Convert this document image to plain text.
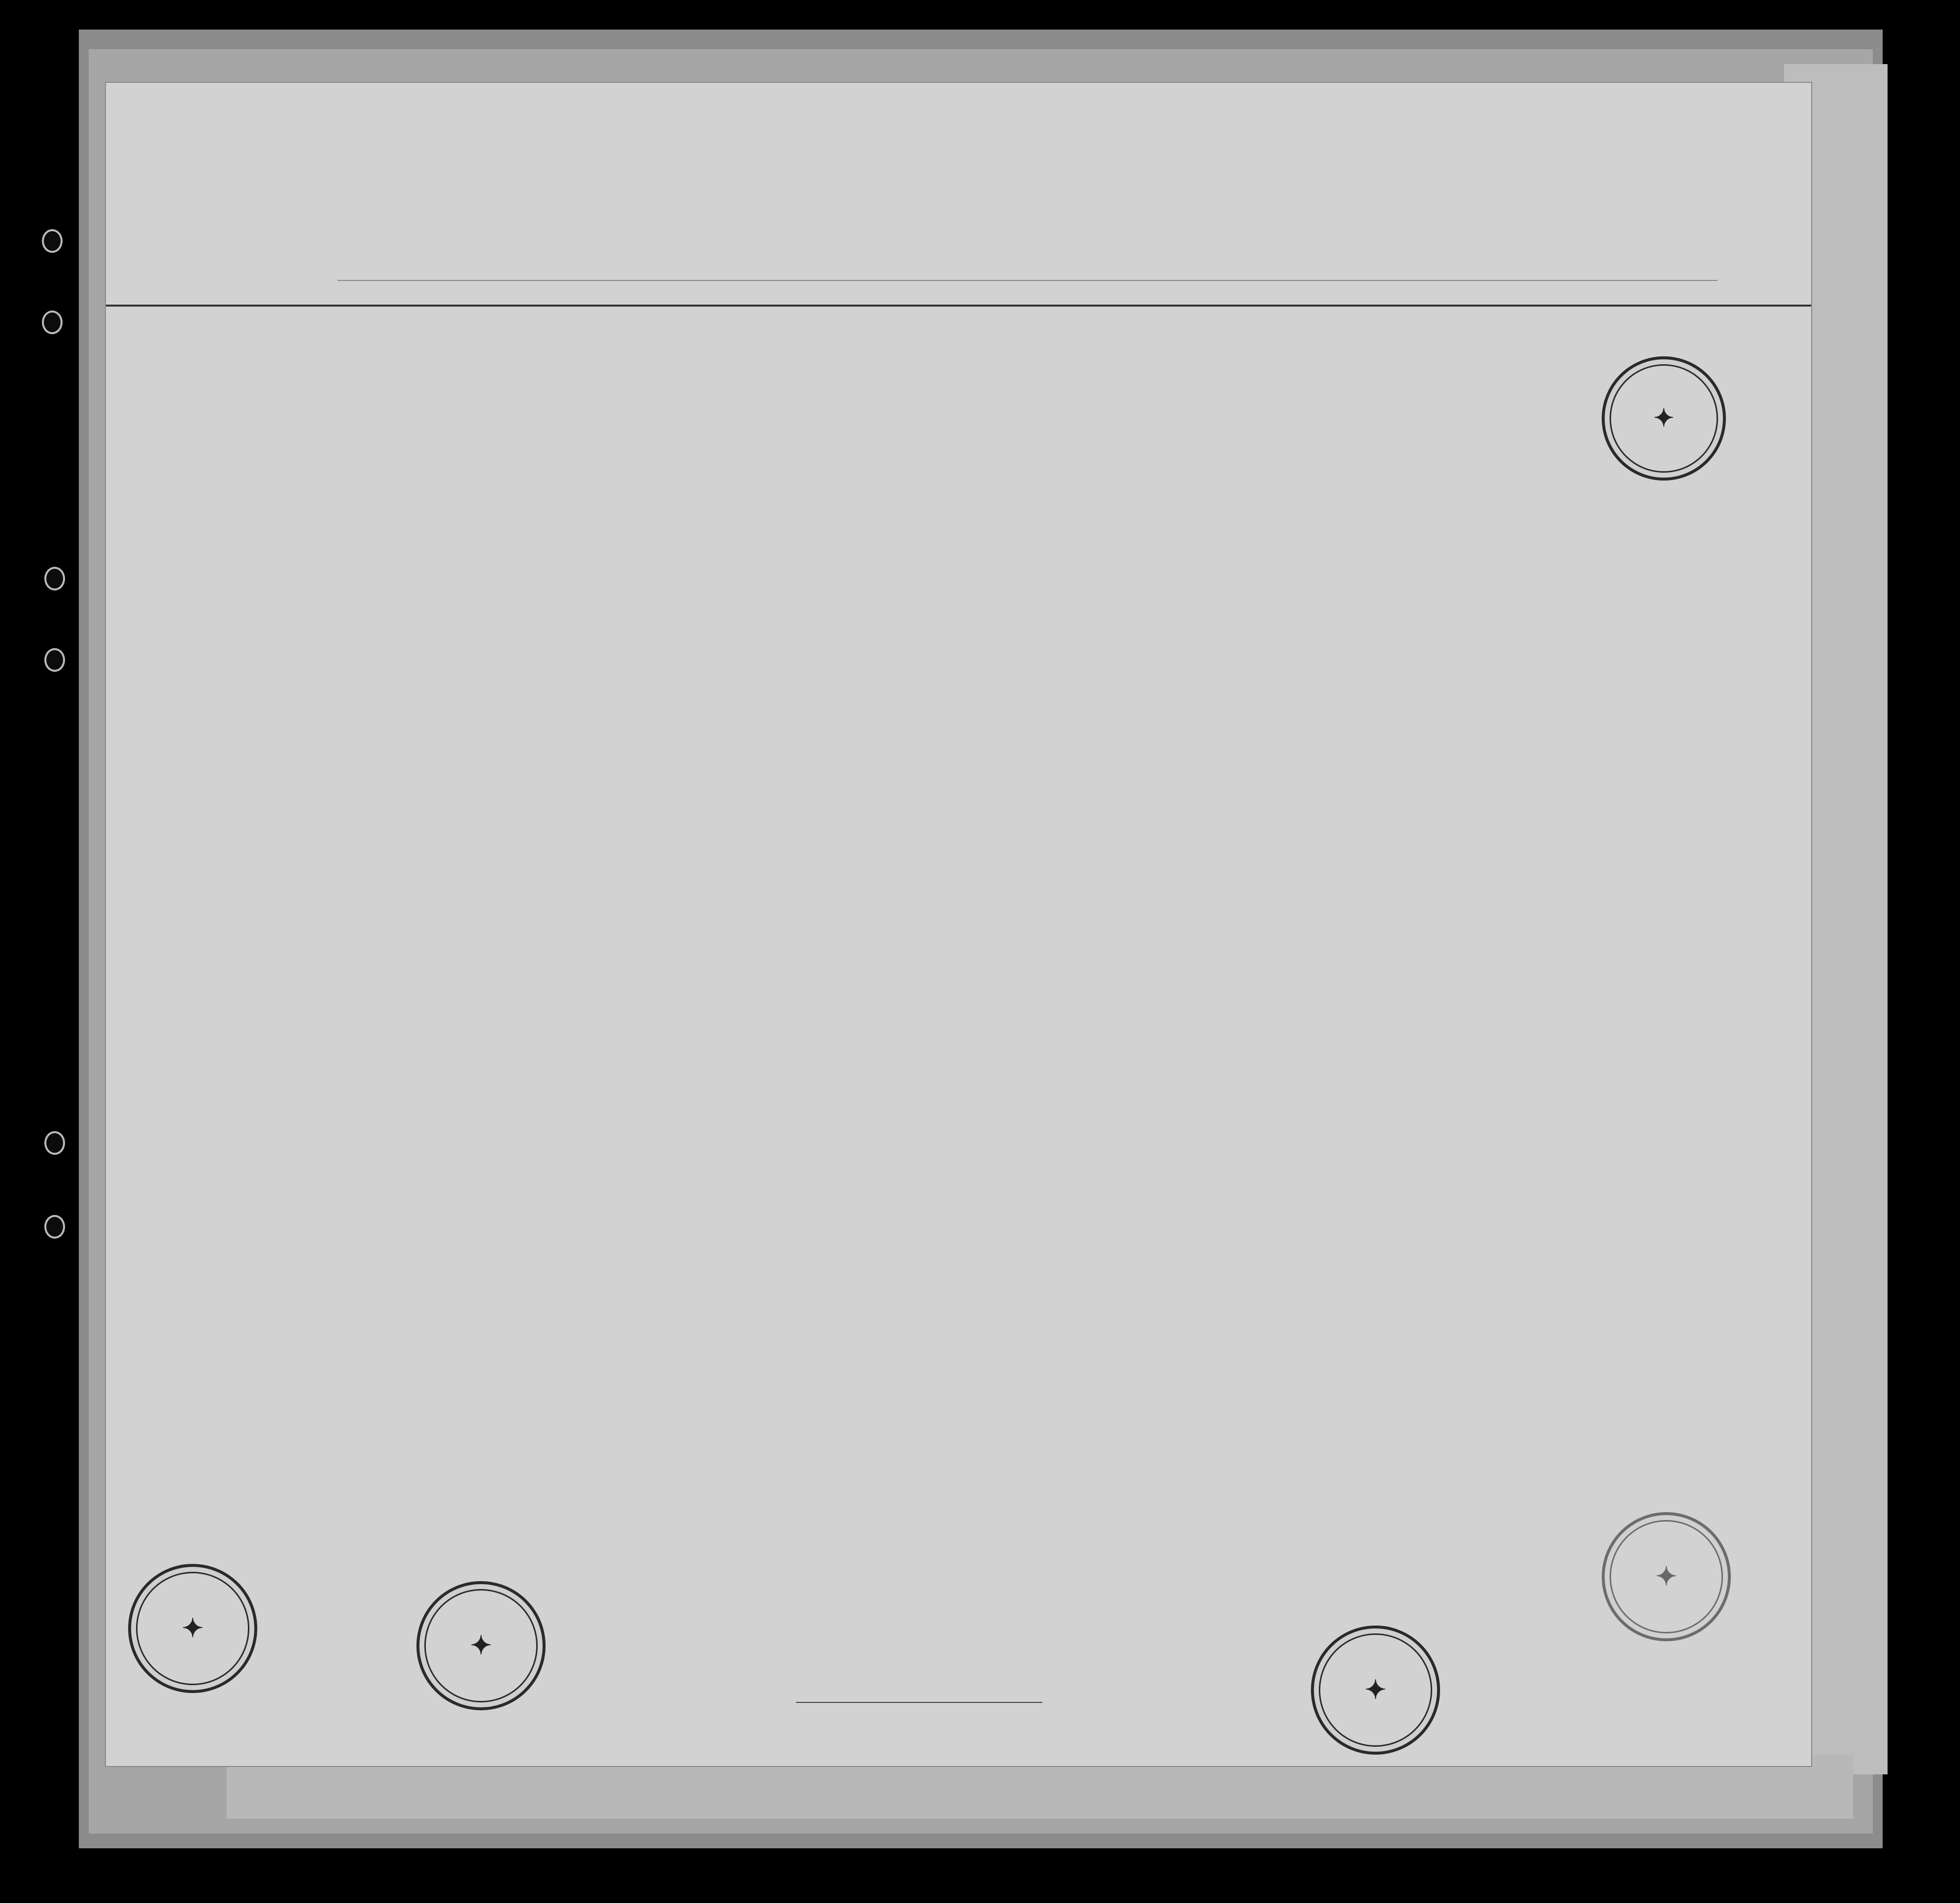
✦
✦
✦
✦
✦
